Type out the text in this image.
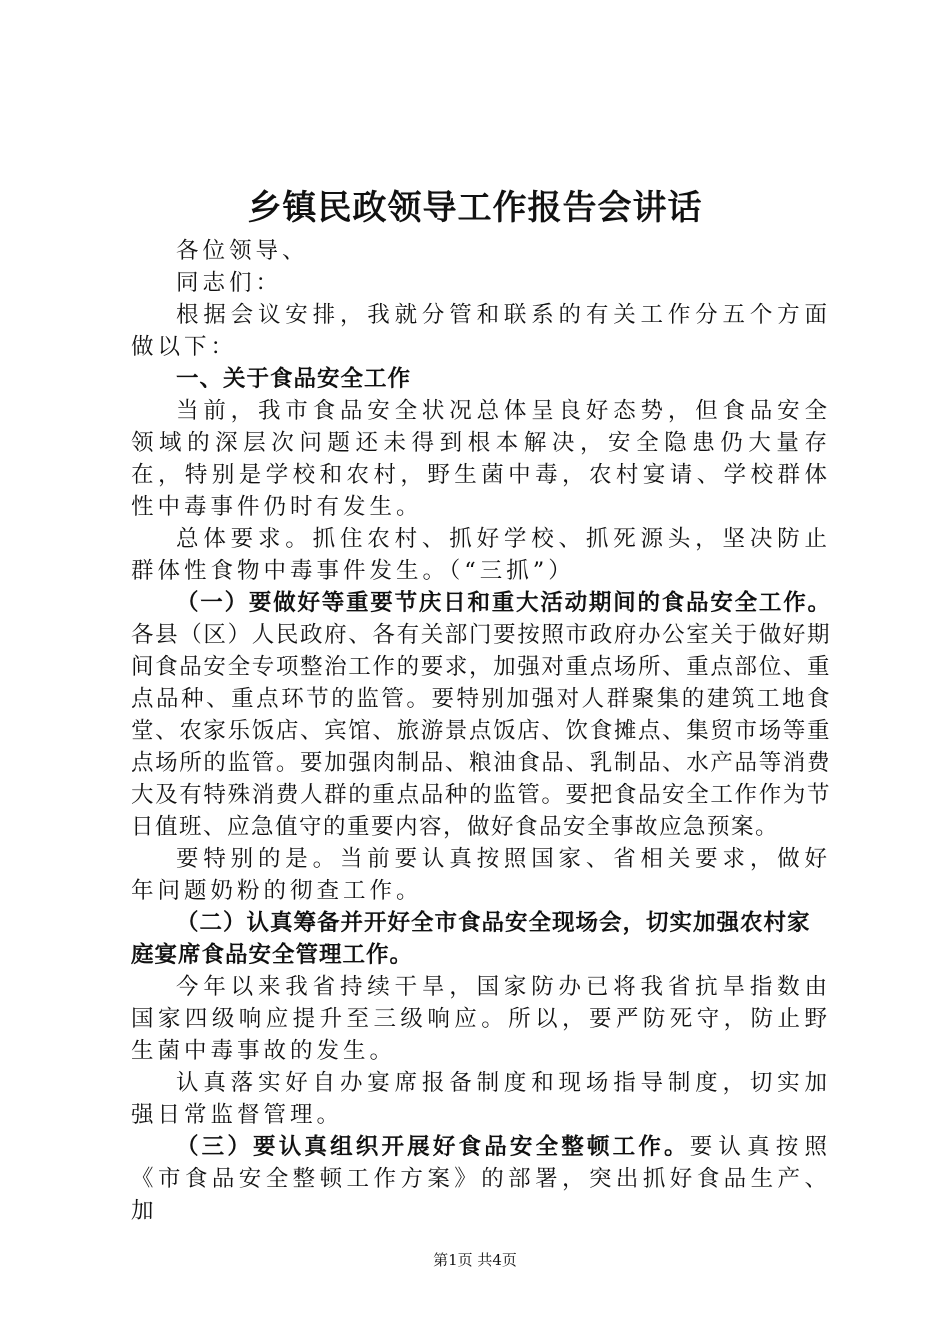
乡镇民政领导工作报告会讲话

各位领导、

同志们：

根据会议安排，我就分管和联系的有关工作分五个方面做以下：

一、关于食品安全工作

当前，我市食品安全状况总体呈良好态势，但食品安全领域的深层次问题还未得到根本解决，安全隐患仍大量存在，特别是学校和农村，野生菌中毒，农村宴请、学校群体性中毒事件仍时有发生。

总体要求。抓住农村、抓好学校、抓死源头，坚决防止群体性食物中毒事件发生。（“三抓”）

（一）要做好等重要节庆日和重大活动期间的食品安全工作。各县（区）人民政府、各有关部门要按照市政府办公室关于做好期间食品安全专项整治工作的要求，加强对重点场所、重点部位、重点品种、重点环节的监管。要特别加强对人群聚集的建筑工地食堂、农家乐饭店、宾馆、旅游景点饭店、饮食摊点、集贸市场等重点场所的监管。要加强肉制品、粮油食品、乳制品、水产品等消费大及有特殊消费人群的重点品种的监管。要把食品安全工作作为节日值班、应急值守的重要内容，做好食品安全事故应急预案。

要特别的是。当前要认真按照国家、省相关要求，做好年问题奶粉的彻查工作。

（二）认真筹备并开好全市食品安全现场会，切实加强农村家庭宴席食品安全管理工作。

今年以来我省持续干旱，国家防办已将我省抗旱指数由国家四级响应提升至三级响应。所以，要严防死守，防止野生菌中毒事故的发生。

认真落实好自办宴席报备制度和现场指导制度，切实加强日常监督管理。

（三）要认真组织开展好食品安全整顿工作。要认真按照《市食品安全整顿工作方案》的部署，突出抓好食品生产、加

第1页 共4页
